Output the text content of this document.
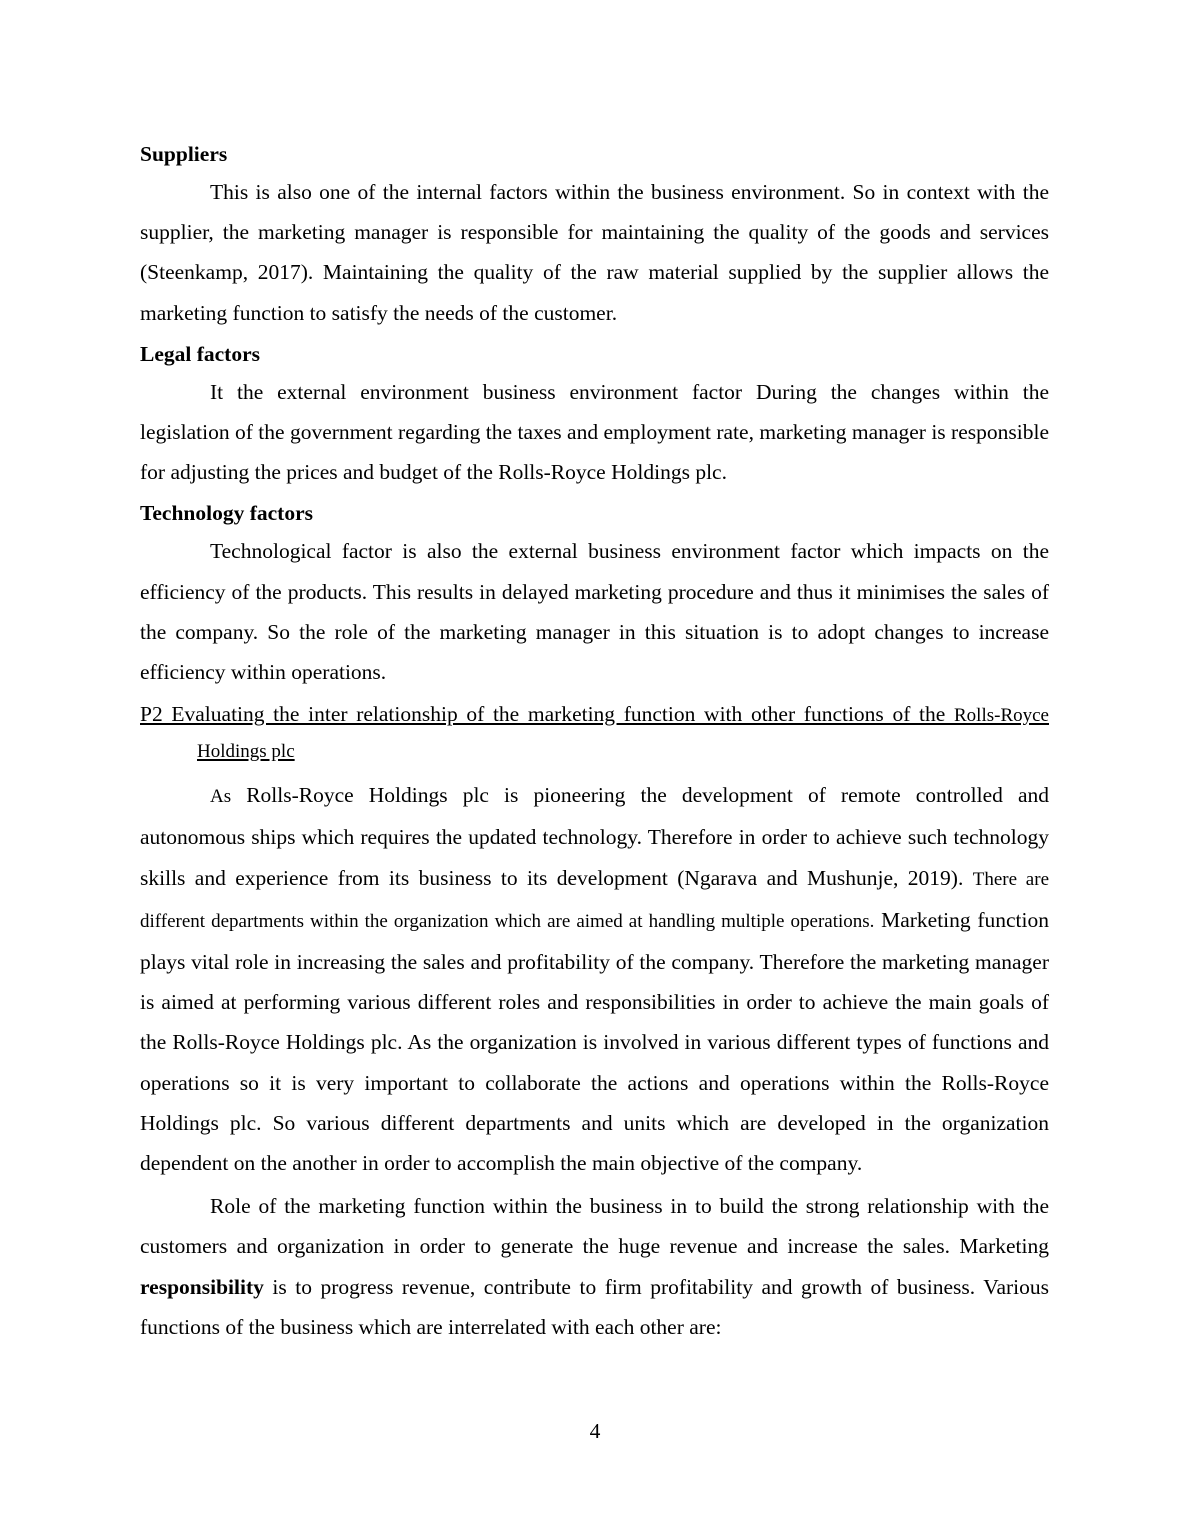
Suppliers

This is also one of the internal factors within the business environment. So in context with the supplier, the marketing manager is responsible for maintaining the quality of the goods and services (Steenkamp, 2017). Maintaining the quality of the raw material supplied by the supplier allows the marketing function to satisfy the needs of the customer.

Legal factors

It the external environment business environment factor During the changes within the legislation of the government regarding the taxes and employment rate, marketing manager is responsible for adjusting the prices and budget of the Rolls-Royce Holdings plc.

Technology factors

Technological factor is also the external business environment factor which impacts on the efficiency of the products. This results in delayed marketing procedure and thus it minimises the sales of the company. So the role of the marketing manager in this situation is to adopt changes to increase efficiency within operations.

P2 Evaluating the inter relationship of the marketing function with other functions of the Rolls-Royce Holdings plc

As Rolls-Royce Holdings plc is pioneering the development of remote controlled and autonomous ships which requires the updated technology. Therefore in order to achieve such technology skills and experience from its business to its development (Ngarava and Mushunje, 2019). There are different departments within the organization which are aimed at handling multiple operations. Marketing function plays vital role in increasing the sales and profitability of the company. Therefore the marketing manager is aimed at performing various different roles and responsibilities in order to achieve the main goals of the Rolls-Royce Holdings plc. As the organization is involved in various different types of functions and operations so it is very important to collaborate the actions and operations within the Rolls-Royce Holdings plc. So various different departments and units which are developed in the organization dependent on the another in order to accomplish the main objective of the company.

Role of the marketing function within the business in to build the strong relationship with the customers and organization in order to generate the huge revenue and increase the sales. Marketing responsibility is to progress revenue, contribute to firm profitability and growth of business. Various functions of the business which are interrelated with each other are:

4
